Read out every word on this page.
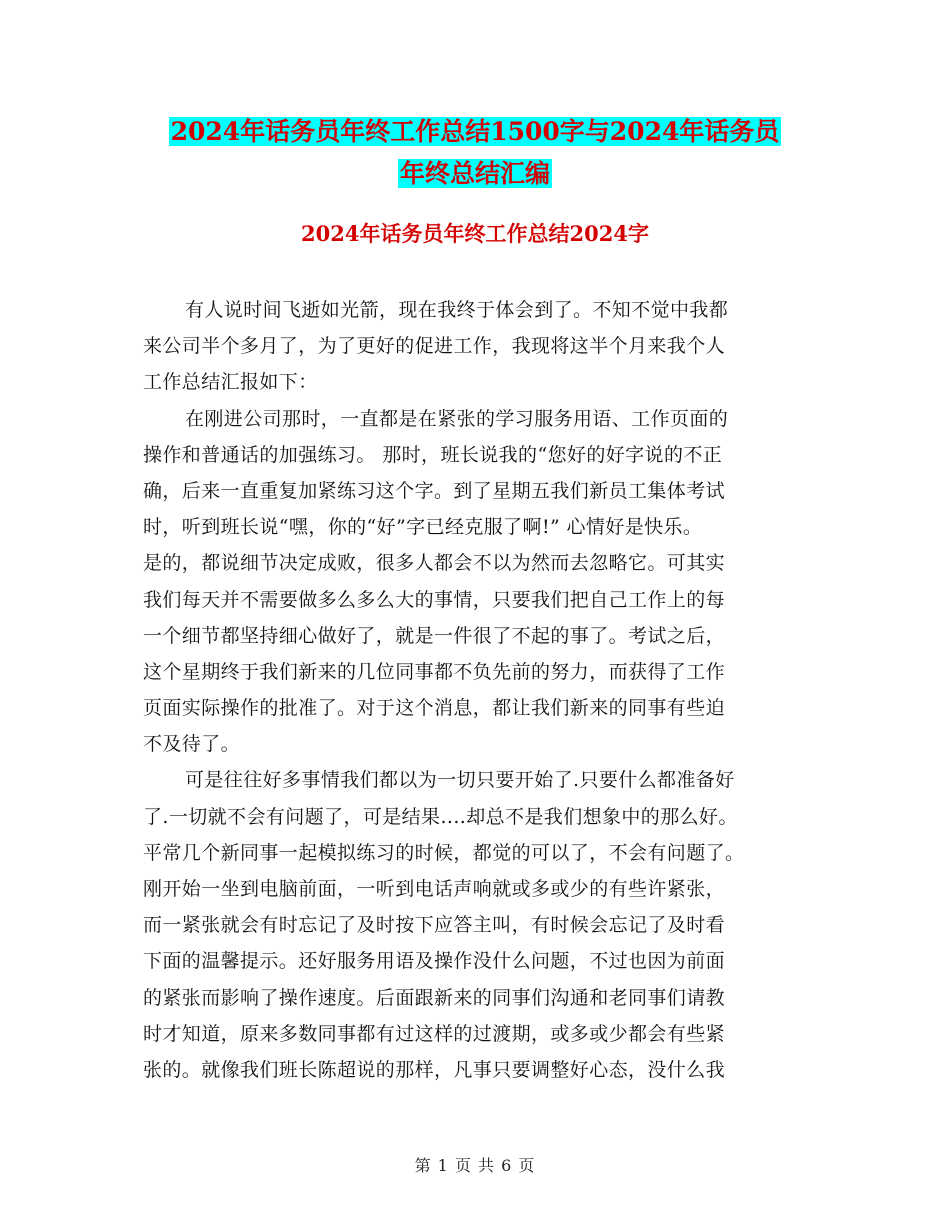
2024年话务员年终工作总结1500字与2024年话务员
年终总结汇编
2024年话务员年终工作总结2024字
有人说时间飞逝如光箭，现在我终于体会到了。不知不觉中我都
来公司半个多月了，为了更好的促进工作，我现将这半个月来我个人
工作总结汇报如下：
在刚进公司那时，一直都是在紧张的学习服务用语、工作页面的
操作和普通话的加强练习。 那时，班长说我的“您好的好字说的不正
确，后来一直重复加紧练习这个字。到了星期五我们新员工集体考试
时，听到班长说“嘿，你的“好”字已经克服了啊!” 心情好是快乐。
是的，都说细节决定成败，很多人都会不以为然而去忽略它。可其实
我们每天并不需要做多么多么大的事情，只要我们把自己工作上的每
一个细节都坚持细心做好了，就是一件很了不起的事了。考试之后，
这个星期终于我们新来的几位同事都不负先前的努力，而获得了工作
页面实际操作的批准了。对于这个消息，都让我们新来的同事有些迫
不及待了。
可是往往好多事情我们都以为一切只要开始了.只要什么都准备好
了.一切就不会有问题了，可是结果....却总不是我们想象中的那么好。
平常几个新同事一起模拟练习的时候，都觉的可以了，不会有问题了。
刚开始一坐到电脑前面，一听到电话声响就或多或少的有些许紧张，
而一紧张就会有时忘记了及时按下应答主叫，有时候会忘记了及时看
下面的温馨提示。还好服务用语及操作没什么问题，不过也因为前面
的紧张而影响了操作速度。后面跟新来的同事们沟通和老同事们请教
时才知道，原来多数同事都有过这样的过渡期，或多或少都会有些紧
张的。就像我们班长陈超说的那样，凡事只要调整好心态，没什么我
第 1 页 共 6 页
